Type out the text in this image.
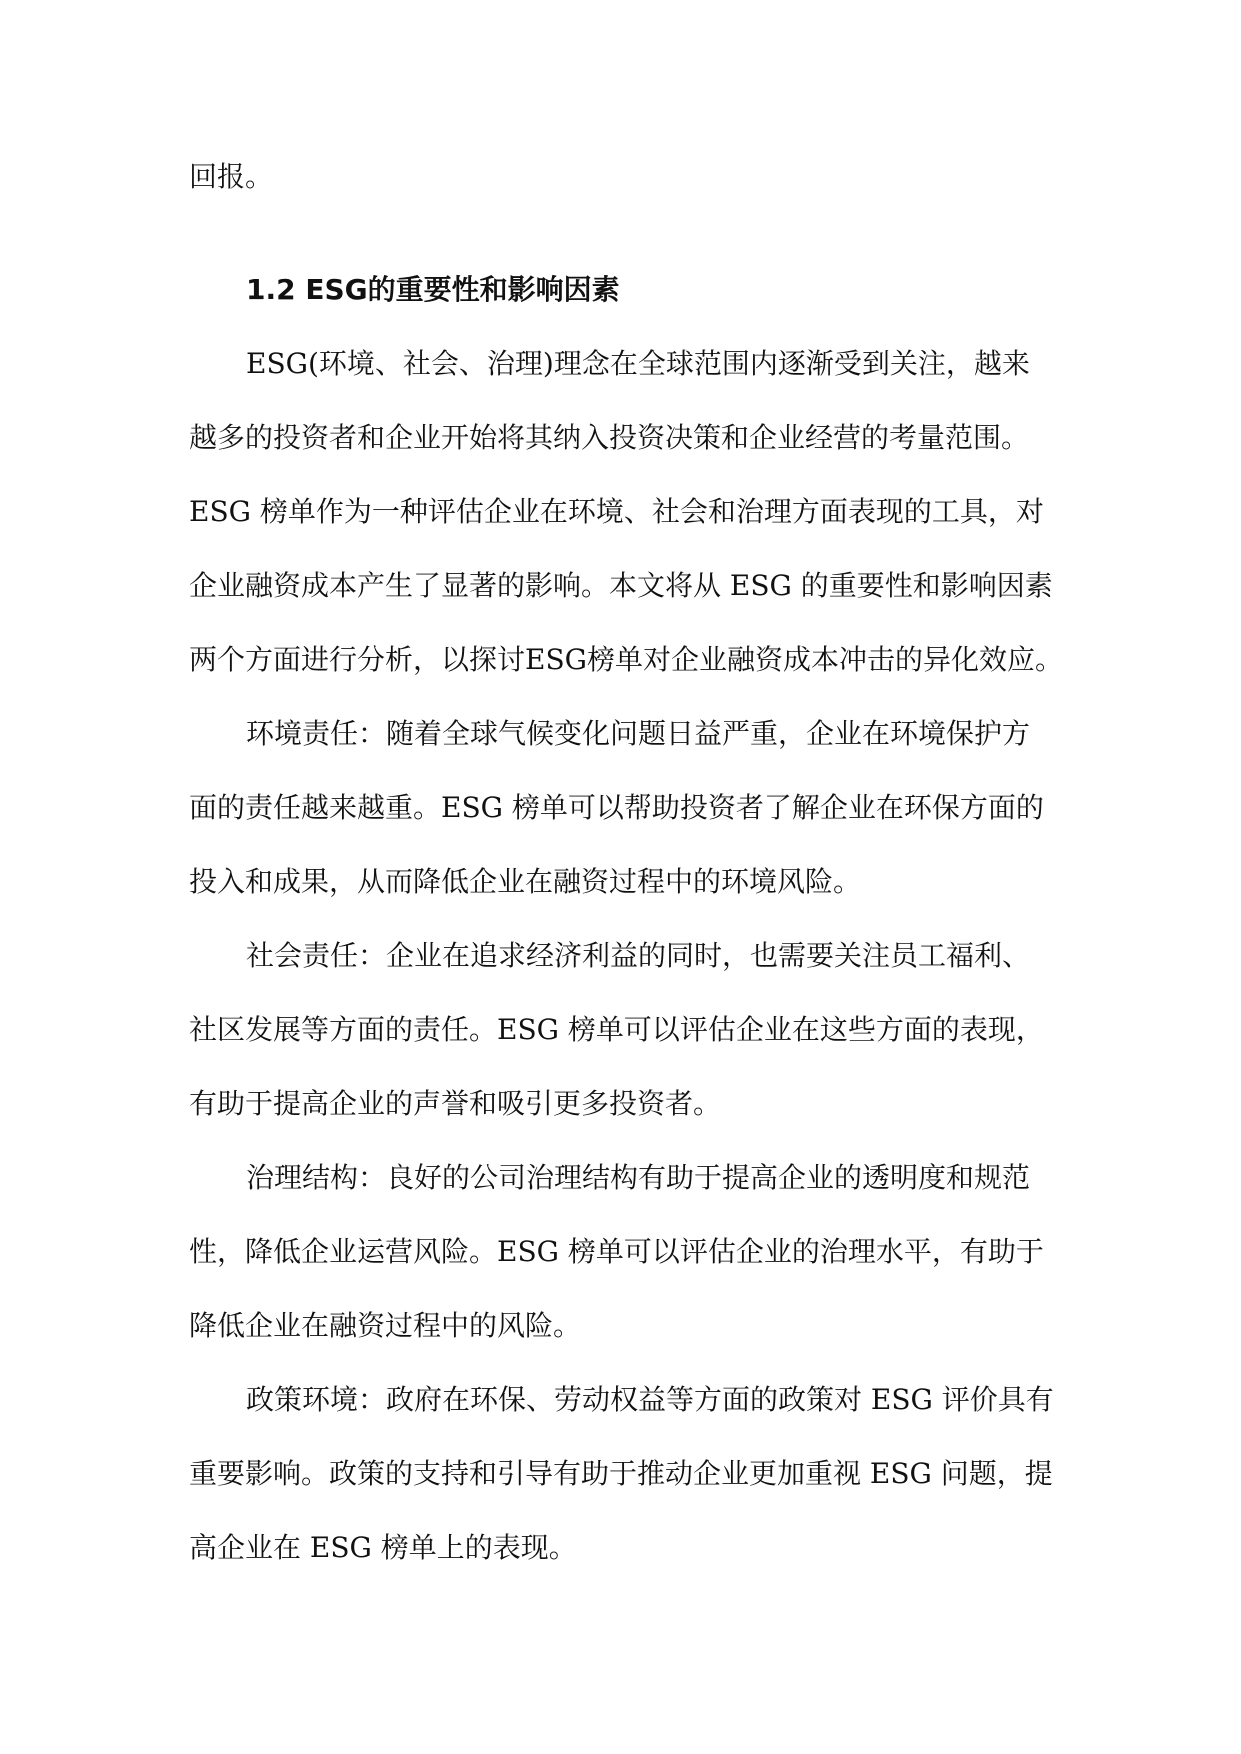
回报。
1.2 ESG的重要性和影响因素
ESG(环境、社会、治理)理念在全球范围内逐渐受到关注，越来
越多的投资者和企业开始将其纳入投资决策和企业经营的考量范围。
ESG 榜单作为一种评估企业在环境、社会和治理方面表现的工具，对
企业融资成本产生了显著的影响。本文将从 ESG 的重要性和影响因素
两个方面进行分析，以探讨ESG榜单对企业融资成本冲击的异化效应。
环境责任：随着全球气候变化问题日益严重，企业在环境保护方
面的责任越来越重。ESG 榜单可以帮助投资者了解企业在环保方面的
投入和成果，从而降低企业在融资过程中的环境风险。
社会责任：企业在追求经济利益的同时，也需要关注员工福利、
社区发展等方面的责任。ESG 榜单可以评估企业在这些方面的表现，
有助于提高企业的声誉和吸引更多投资者。
治理结构：良好的公司治理结构有助于提高企业的透明度和规范
性，降低企业运营风险。ESG 榜单可以评估企业的治理水平，有助于
降低企业在融资过程中的风险。
政策环境：政府在环保、劳动权益等方面的政策对 ESG 评价具有
重要影响。政策的支持和引导有助于推动企业更加重视 ESG 问题，提
高企业在 ESG 榜单上的表现。
